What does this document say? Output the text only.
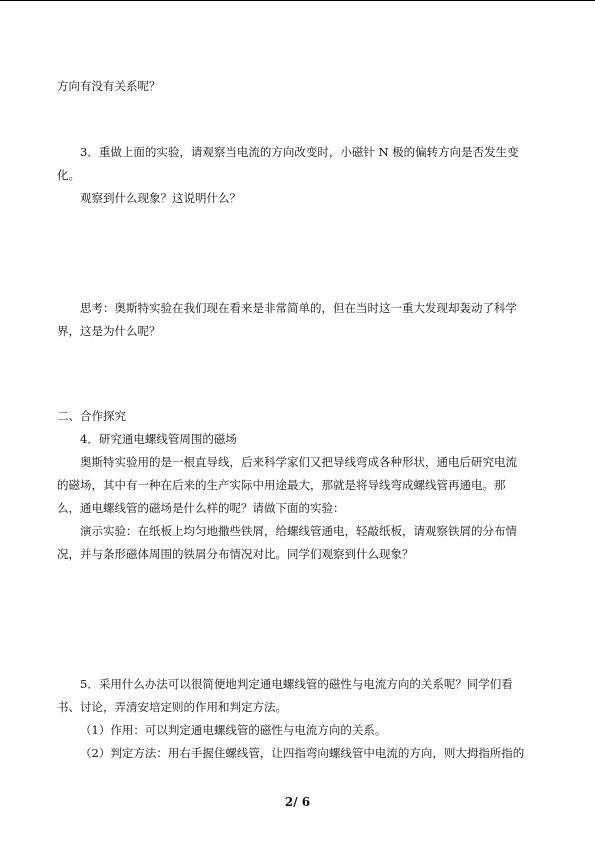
方向有没有关系呢？

3．重做上面的实验，请观察当电流的方向改变时，小磁针 N 极的偏转方向是否发生变

化。

观察到什么现象？这说明什么？

思考：奥斯特实验在我们现在看来是非常简单的，但在当时这一重大发现却轰动了科学

界，这是为什么呢？

二、合作探究

4．研究通电螺线管周围的磁场

奥斯特实验用的是一根直导线，后来科学家们又把导线弯成各种形状，通电后研究电流

的磁场，其中有一种在后来的生产实际中用途最大，那就是将导线弯成螺线管再通电。那

么，通电螺线管的磁场是什么样的呢？请做下面的实验：

演示实验：在纸板上均匀地撒些铁屑，给螺线管通电，轻敲纸板，请观察铁屑的分布情

况，并与条形磁体周围的铁屑分布情况对比。同学们观察到什么现象？

5．采用什么办法可以很简便地判定通电螺线管的磁性与电流方向的关系呢？同学们看

书、讨论，弄清安培定则的作用和判定方法。

（1）作用：可以判定通电螺线管的磁性与电流方向的关系。

（2）判定方法：用右手握住螺线管，让四指弯向螺线管中电流的方向，则大拇指所指的

2/ 6
